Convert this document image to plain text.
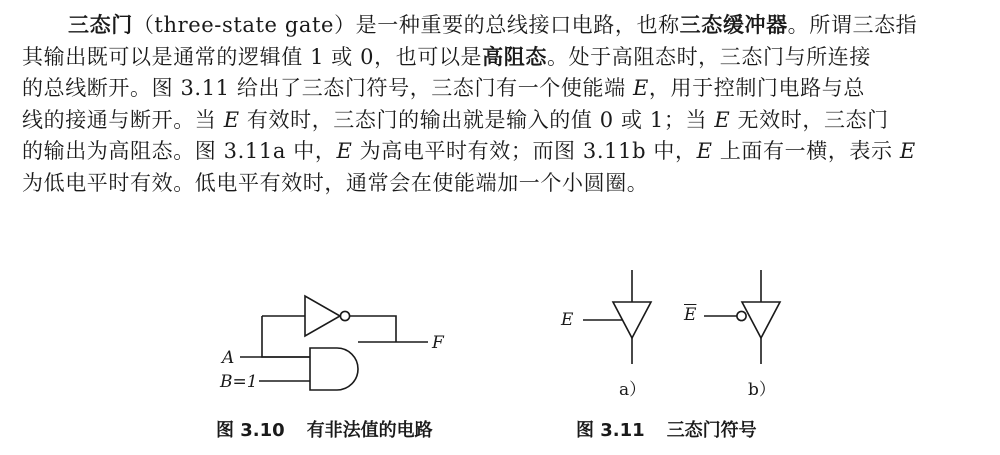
三态门（three-state gate）是一种重要的总线接口电路，也称三态缓冲器。所谓三态指
其输出既可以是通常的逻辑值 1 或 0，也可以是高阻态。处于高阻态时，三态门与所连接
的总线断开。图 3.11 给出了三态门符号，三态门有一个使能端 E，用于控制门电路与总
线的接通与断开。当 E 有效时，三态门的输出就是输入的值 0 或 1；当 E 无效时，三态门
的输出为高阻态。图 3.11a 中，E 为高电平时有效；而图 3.11b 中，E 上面有一横，表示 E
为低电平时有效。低电平有效时，通常会在使能端加一个小圆圈。
A
B=1
F
E	$\overline{E}$
a）	b）
图 3.10 有非法值的电路	图 3.11 三态门符号
